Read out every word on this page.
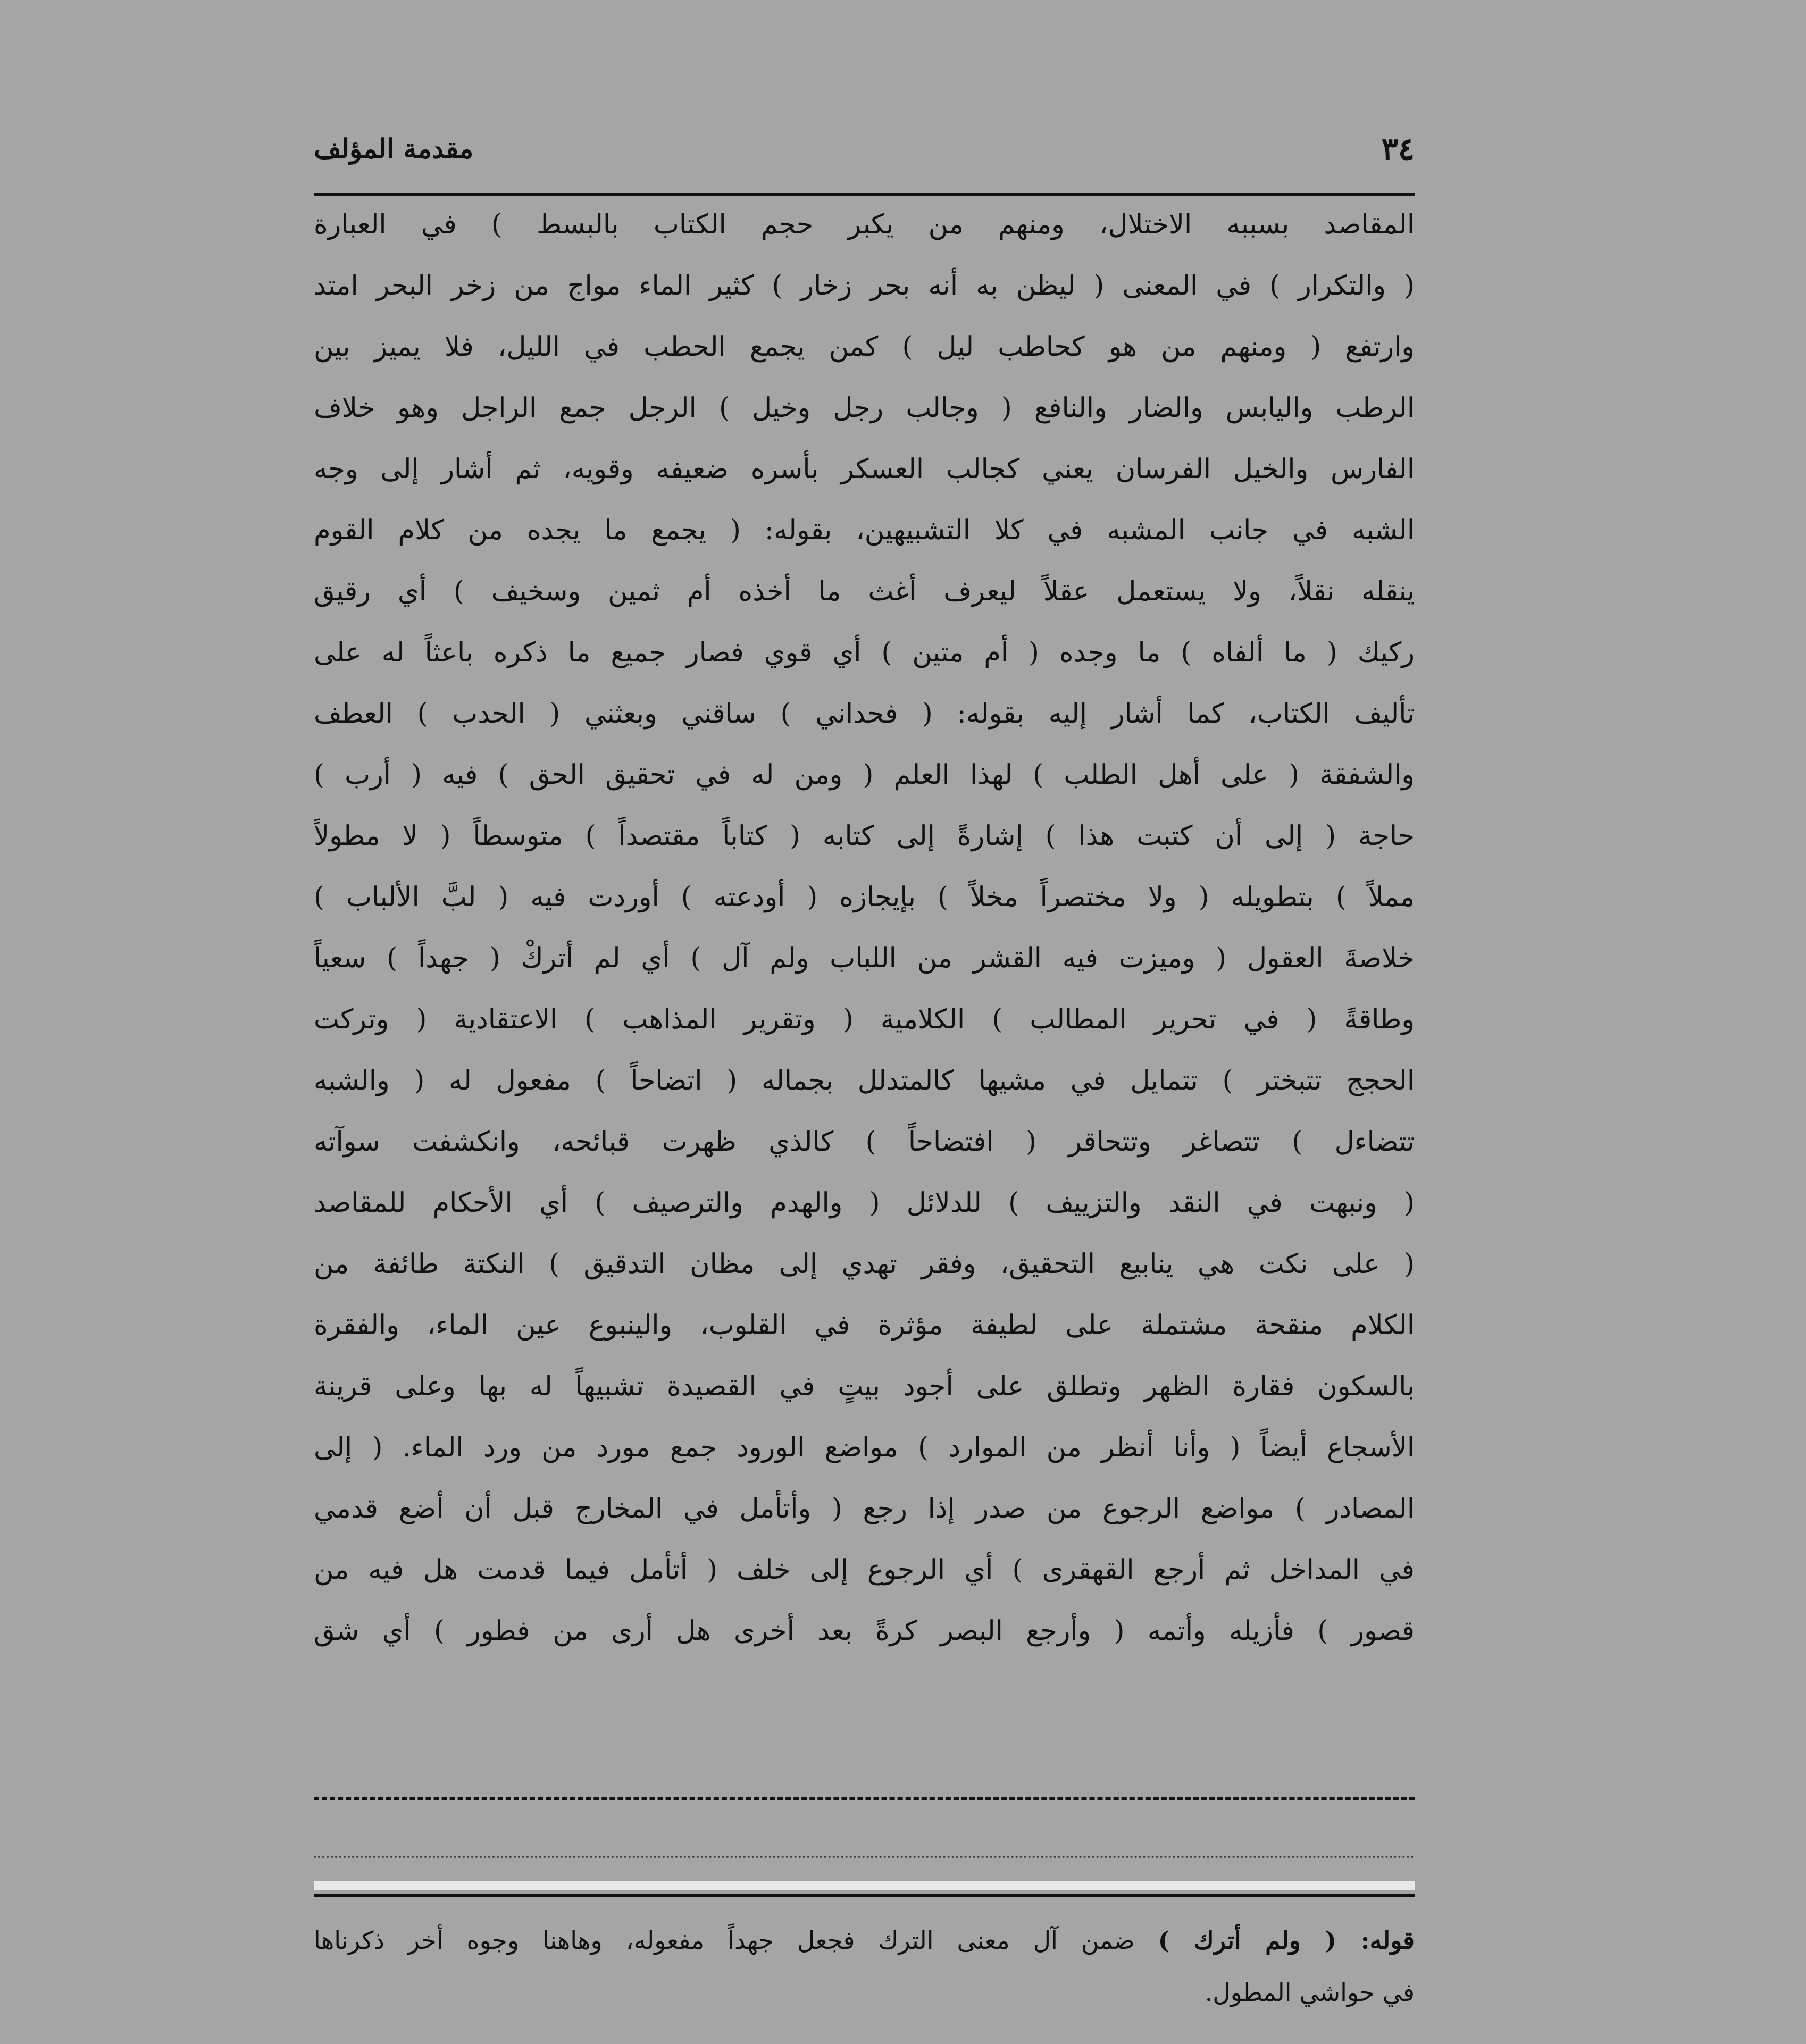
٣٤
مقدمة المؤلف
المقاصد بسببه الاختلال، ومنهم من يكبر حجم الكتاب بالبسط ) في العبارة
( والتكرار ) في المعنى ( ليظن به أنه بحر زخار ) كثير الماء مواج من زخر البحر امتد
وارتفع ( ومنهم من هو كحاطب ليل ) كمن يجمع الحطب في الليل، فلا يميز بين
الرطب واليابس والضار والنافع ( وجالب رجل وخيل ) الرجل جمع الراجل وهو خلاف
الفارس والخيل الفرسان يعني كجالب العسكر بأسره ضعيفه وقويه، ثم أشار إلى وجه
الشبه في جانب المشبه في كلا التشبيهين، بقوله: ( يجمع ما يجده من كلام القوم
ينقله نقلاً، ولا يستعمل عقلاً ليعرف أغث ما أخذه أم ثمين وسخيف ) أي رقيق
ركيك ( ما ألفاه ) ما وجده ( أم متين ) أي قوي فصار جميع ما ذكره باعثاً له على
تأليف الكتاب، كما أشار إليه بقوله: ( فحداني ) ساقني وبعثني ( الحدب ) العطف
والشفقة ( على أهل الطلب ) لهذا العلم ( ومن له في تحقيق الحق ) فيه ( أرب )
حاجة ( إلى أن كتبت هذا ) إشارةً إلى كتابه ( كتاباً مقتصداً ) متوسطاً ( لا مطولاً
مملاً ) بتطويله ( ولا مختصراً مخلاً ) بإيجازه ( أودعته ) أوردت فيه ( لبَّ الألباب )
خلاصةَ العقول ( وميزت فيه القشر من اللباب ولم آل ) أي لم أتركْ ( جهداً ) سعياً
وطاقةً ( في تحرير المطالب ) الكلامية ( وتقرير المذاهب ) الاعتقادية ( وتركت
الحجج تتبختر ) تتمايل في مشيها كالمتدلل بجماله ( اتضاحاً ) مفعول له ( والشبه
تتضاءل ) تتصاغر وتتحاقر ( افتضاحاً ) كالذي ظهرت قبائحه، وانكشفت سوآته
( ونبهت في النقد والتزييف ) للدلائل ( والهدم والترصيف ) أي الأحكام للمقاصد
( على نكت هي ينابيع التحقيق، وفقر تهدي إلى مظان التدقيق ) النكتة طائفة من
الكلام منقحة مشتملة على لطيفة مؤثرة في القلوب، والينبوع عين الماء، والفقرة
بالسكون فقارة الظهر وتطلق على أجود بيتٍ في القصيدة تشبيهاً له بها وعلى قرينة
الأسجاع أيضاً ( وأنا أنظر من الموارد ) مواضع الورود جمع مورد من ورد الماء. ( إلى
المصادر ) مواضع الرجوع من صدر إذا رجع ( وأتأمل في المخارج قبل أن أضع قدمي
في المداخل ثم أرجع القهقرى ) أي الرجوع إلى خلف ( أتأمل فيما قدمت هل فيه من
قصور ) فأزيله وأتمه ( وأرجع البصر كرةً بعد أخرى هل أرى من فطور ) أي شق
قوله: ( ولم أترك ) ضمن آل معنى الترك فجعل جهداً مفعوله، وهاهنا وجوه أخر ذكرناها
في حواشي المطول.
